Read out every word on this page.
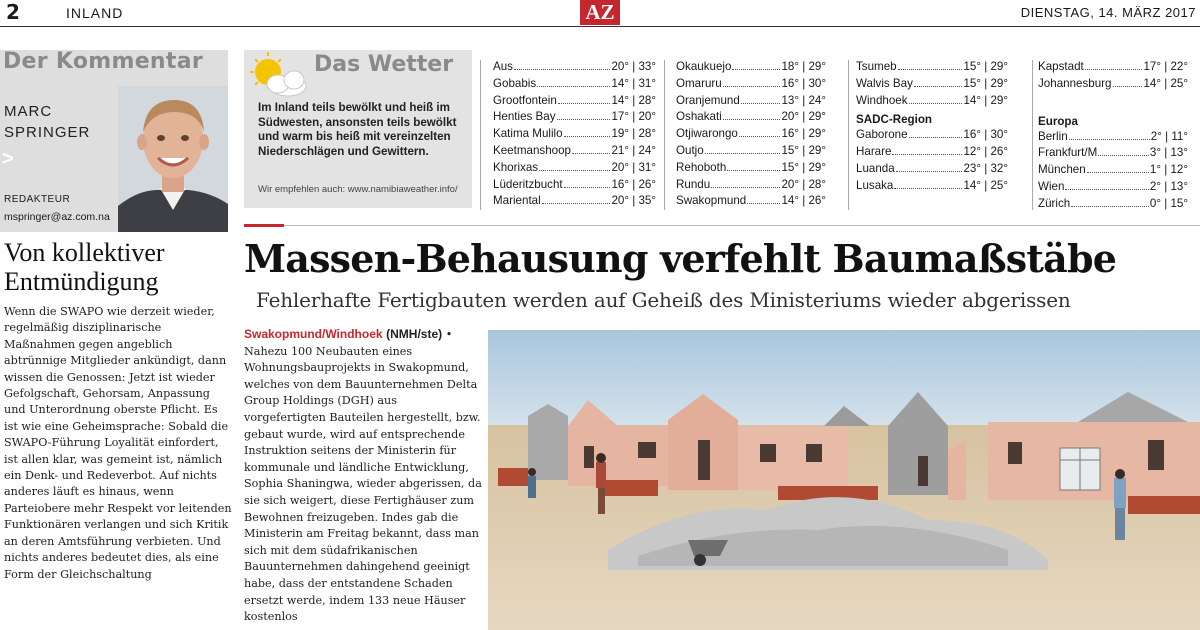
2	INLAND	AZ	DIENSTAG, 14. MÄRZ 2017
Der Kommentar
MARC
SPRINGER
>
REDAKTEUR
mspringer@az.com.na
Von kollektiver Entmündigung
Wenn die SWAPO wie derzeit wieder, regelmäßig disziplinarische Maßnahmen gegen angeblich abtrünnige Mitglieder ankündigt, dann wissen die Genossen: Jetzt ist wieder Gefolgschaft, Gehorsam, Anpassung und Unterordnung oberste Pflicht. Es ist wie eine Geheimsprache: Sobald die SWAPO-Führung Loyalität einfordert, ist allen klar, was gemeint ist, nämlich ein Denk- und Redeverbot. Auf nichts anderes läuft es hinaus, wenn Parteiobere mehr Respekt vor leitenden Funktionären verlangen und sich Kritik an deren Amtsführung verbieten. Und nichts anderes bedeutet dies, als eine Form der Gleichschaltung
Das Wetter
Im Inland teils bewölkt und heiß im Südwesten, ansonsten teils bewölkt und warm bis heiß mit vereinzelten Niederschlägen und Gewittern.
Wir empfehlen auch: www.namibiaweather.info/
Aus	20° | 33°
Gobabis	14° | 31°
Grootfontein	14° | 28°
Henties Bay	17° | 20°
Katima Mulilo	19° | 28°
Keetmanshoop	21° | 24°
Khorixas	20° | 31°
Lüderitzbucht	16° | 26°
Mariental	20° | 35°
Okaukuejo	18° | 29°
Omaruru	16° | 30°
Oranjemund	13° | 24°
Oshakati	20° | 29°
Otjiwarongo	16° | 29°
Outjo	15° | 29°
Rehoboth	15° | 29°
Rundu	20° | 28°
Swakopmund	14° | 26°
Tsumeb	15° | 29°
Walvis Bay	15° | 29°
Windhoek	14° | 29°
SADC-Region
Gaborone	16° | 30°
Harare	12° | 26°
Luanda	23° | 32°
Lusaka	14° | 25°
Kapstadt	17° | 22°
Johannesburg	14° | 25°
Europa
Berlin	2° | 11°
Frankfurt/M	3° | 13°
München	1° | 12°
Wien	2° | 13°
Zürich	0° | 15°
Massen-Behausung verfehlt Baumaßstäbe
Fehlerhafte Fertigbauten werden auf Geheiß des Ministeriums wieder abgerissen
Swakopmund/Windhoek (NMH/ste) • Nahezu 100 Neubauten eines Wohnungsbauprojekts in Swakopmund, welches von dem Bauunternehmen Delta Group Holdings (DGH) aus vorgefertigten Bauteilen hergestellt, bzw. gebaut wurde, wird auf entsprechende Instruktion seitens der Ministerin für kommunale und ländliche Entwicklung, Sophia Shaningwa, wieder abgerissen, da sie sich weigert, diese Fertighäuser zum Bewohnen freizugeben. Indes gab die Ministerin am Freitag bekannt, dass man sich mit dem südafrikanischen Bauunternehmen dahingehend geeinigt habe, dass der entstandene Schaden ersetzt werde, indem 133 neue Häuser kostenlos
